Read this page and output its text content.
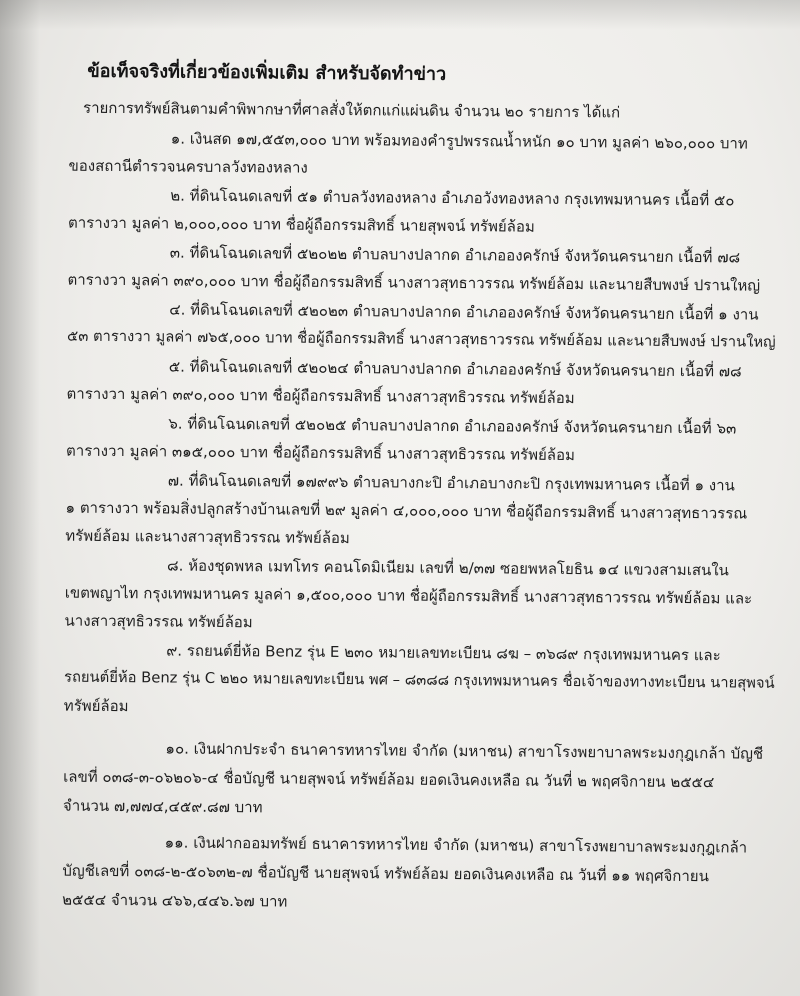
ข้อเท็จจริงที่เกี่ยวข้องเพิ่มเติม สำหรับจัดทำข่าว
รายการทรัพย์สินตามคำพิพากษาที่ศาลสั่งให้ตกแก่แผ่นดิน จำนวน ๒๐ รายการ ได้แก่
๑. เงินสด ๑๗,๕๕๓,๐๐๐ บาท พร้อมทองคำรูปพรรณน้ำหนัก ๑๐ บาท มูลค่า ๒๖๐,๐๐๐ บาท
ของสถานีตำรวจนครบาลวังทองหลาง
๒. ที่ดินโฉนดเลขที่ ๕๑ ตำบลวังทองหลาง อำเภอวังทองหลาง กรุงเทพมหานคร เนื้อที่ ๕๐
ตารางวา มูลค่า ๒,๐๐๐,๐๐๐ บาท ชื่อผู้ถือกรรมสิทธิ์ นายสุพจน์ ทรัพย์ล้อม
๓. ที่ดินโฉนดเลขที่ ๕๒๐๒๒ ตำบลบางปลากด อำเภอองครักษ์ จังหวัดนครนายก เนื้อที่ ๗๘
ตารางวา มูลค่า ๓๙๐,๐๐๐ บาท ชื่อผู้ถือกรรมสิทธิ์ นางสาวสุทธาวรรณ ทรัพย์ล้อม และนายสืบพงษ์ ปรานใหญ่
๔. ที่ดินโฉนดเลขที่ ๕๒๐๒๓ ตำบลบางปลากด อำเภอองครักษ์ จังหวัดนครนายก เนื้อที่ ๑ งาน
๕๓ ตารางวา มูลค่า ๗๖๕,๐๐๐ บาท ชื่อผู้ถือกรรมสิทธิ์ นางสาวสุทธาวรรณ ทรัพย์ล้อม และนายสืบพงษ์ ปรานใหญ่
๕. ที่ดินโฉนดเลขที่ ๕๒๐๒๔ ตำบลบางปลากด อำเภอองครักษ์ จังหวัดนครนายก เนื้อที่ ๗๘
ตารางวา มูลค่า ๓๙๐,๐๐๐ บาท ชื่อผู้ถือกรรมสิทธิ์ นางสาวสุทธิวรรณ ทรัพย์ล้อม
๖. ที่ดินโฉนดเลขที่ ๕๒๐๒๕ ตำบลบางปลากด อำเภอองครักษ์ จังหวัดนครนายก เนื้อที่ ๖๓
ตารางวา มูลค่า ๓๑๕,๐๐๐ บาท ชื่อผู้ถือกรรมสิทธิ์ นางสาวสุทธิวรรณ ทรัพย์ล้อม
๗. ที่ดินโฉนดเลขที่ ๑๗๙๙๖ ตำบลบางกะปิ อำเภอบางกะปิ กรุงเทพมหานคร เนื้อที่ ๑ งาน
๑ ตารางวา พร้อมสิ่งปลูกสร้างบ้านเลขที่ ๒๙ มูลค่า ๔,๐๐๐,๐๐๐ บาท ชื่อผู้ถือกรรมสิทธิ์ นางสาวสุทธาวรรณ
ทรัพย์ล้อม และนางสาวสุทธิวรรณ ทรัพย์ล้อม
๘. ห้องชุดพหล เมทโทร คอนโดมิเนียม เลขที่ ๒/๓๗ ซอยพหลโยธิน ๑๔ แขวงสามเสนใน
เขตพญาไท กรุงเทพมหานคร มูลค่า ๑,๕๐๐,๐๐๐ บาท ชื่อผู้ถือกรรมสิทธิ์ นางสาวสุทธาวรรณ ทรัพย์ล้อม และ
นางสาวสุทธิวรรณ ทรัพย์ล้อม
๙. รถยนต์ยี่ห้อ Benz รุ่น E ๒๓๐ หมายเลขทะเบียน ๘ฆ – ๓๖๘๙ กรุงเทพมหานคร และ
รถยนต์ยี่ห้อ Benz รุ่น C ๒๒๐ หมายเลขทะเบียน พศ – ๘๓๘๘ กรุงเทพมหานคร ชื่อเจ้าของทางทะเบียน นายสุพจน์
ทรัพย์ล้อม
๑๐. เงินฝากประจำ ธนาคารทหารไทย จำกัด (มหาชน) สาขาโรงพยาบาลพระมงกุฎเกล้า บัญชี
เลขที่ ๐๓๘-๓-๐๖๒๐๖-๔ ชื่อบัญชี นายสุพจน์ ทรัพย์ล้อม ยอดเงินคงเหลือ ณ วันที่ ๒ พฤศจิกายน ๒๕๕๔
จำนวน ๗,๗๗๔,๔๕๙.๘๗ บาท
๑๑. เงินฝากออมทรัพย์ ธนาคารทหารไทย จำกัด (มหาชน) สาขาโรงพยาบาลพระมงกุฎเกล้า
บัญชีเลขที่ ๐๓๘-๒-๕๐๖๓๒-๗ ชื่อบัญชี นายสุพจน์ ทรัพย์ล้อม ยอดเงินคงเหลือ ณ วันที่ ๑๑ พฤศจิกายน
๒๕๕๔ จำนวน ๔๖๖,๔๔๖.๖๗ บาท
